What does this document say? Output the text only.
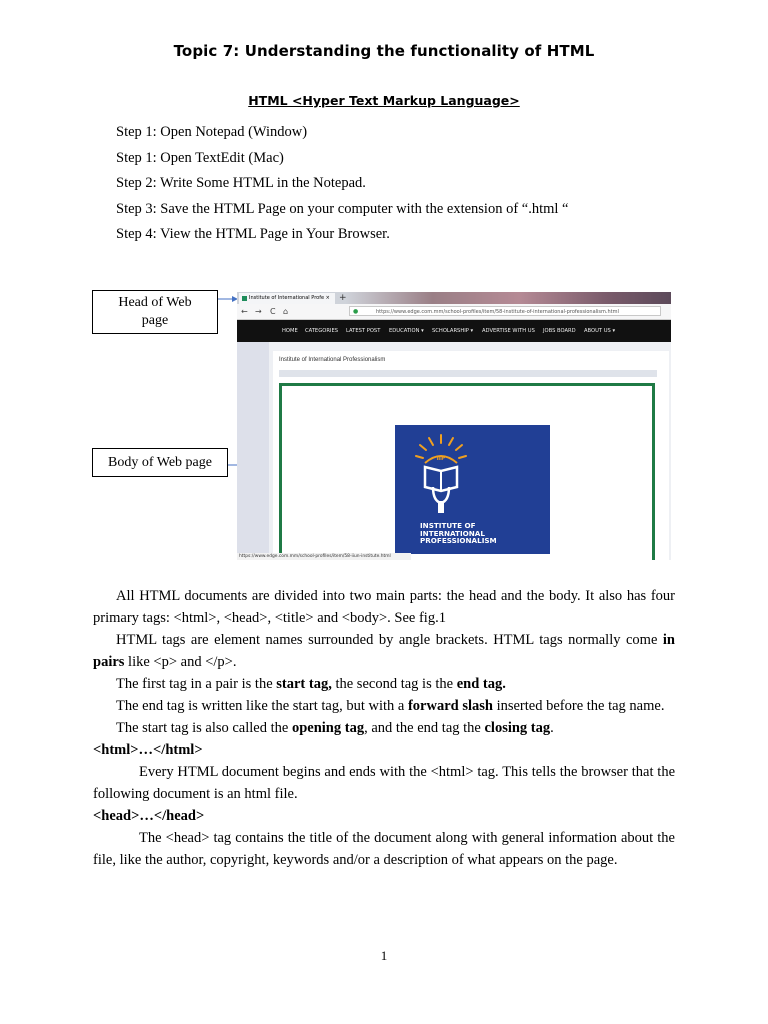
Topic 7: Understanding the functionality of HTML
HTML <Hyper Text Markup Language>
Step 1: Open Notepad (Window)
Step 1: Open TextEdit (Mac)
Step 2: Write Some HTML in the Notepad.
Step 3: Save the HTML Page on your computer with the extension of “.html “
Step 4: View the HTML Page in Your Browser.
Head of Web
page
Body of Web page
Institute of International Profe ×	+
← → C ⌂	●	https://www.edge.com.mm/school-profiles/item/58-institute-of-international-professionalism.html
HOME CATEGORIES LATEST POST EDUCATION ▾ SCHOLARSHIP ▾ ADVERTISE WITH US JOBS BOARD ABOUT US ▾
Institute of International Professionalism
IIP
INSTITUTE OF
INTERNATIONAL
PROFESSIONALISM
https://www.edge.com.mm/school-profiles/item/58-iiun-institute.html

All HTML documents are divided into two main parts: the head and the body. It also has four primary tags: <html>, <head>, <title> and <body>. See fig.1

HTML tags are element names surrounded by angle brackets. HTML tags normally come in pairs like <p> and </p>.

The first tag in a pair is the start tag, the second tag is the end tag.

The end tag is written like the start tag, but with a forward slash inserted before the tag name.

The start tag is also called the opening tag, and the end tag the closing tag.

<html>…</html>

Every HTML document begins and ends with the <html> tag. This tells the browser that the following document is an html file.

<head>…</head>

The <head> tag contains the title of the document along with general information about the file, like the author, copyright, keywords and/or a description of what appears on the page.

1
